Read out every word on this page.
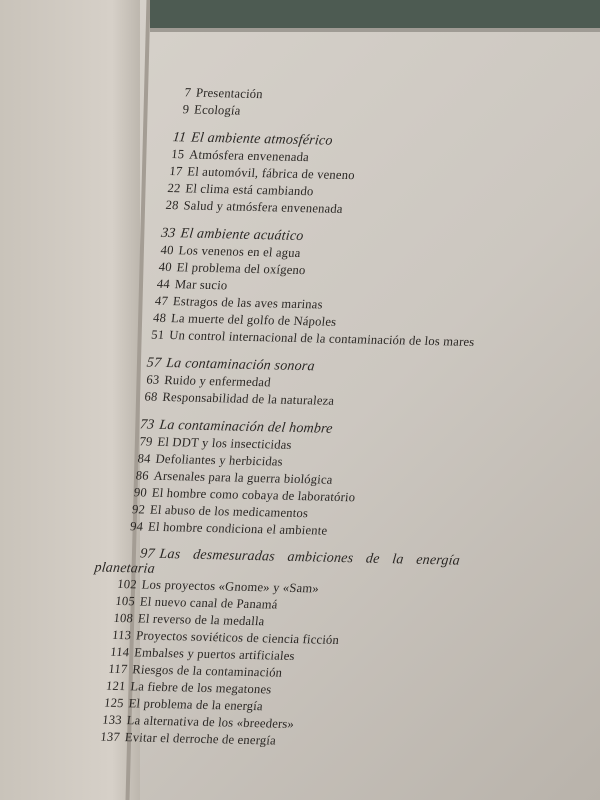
7 Presentación
9 Ecología
11 El ambiente atmosférico
15 Atmósfera envenenada
17 El automóvil, fábrica de veneno
22 El clima está cambiando
28 Salud y atmósfera envenenada
33 El ambiente acuático
40 Los venenos en el agua
40 El problema del oxígeno
44 Mar sucio
47 Estragos de las aves marinas
48 La muerte del golfo de Nápoles
51 Un control internacional de la contaminación de los mares
57 La contaminación sonora
63 Ruido y enfermedad
68 Responsabilidad de la naturaleza
73 La contaminación del hombre
79 El DDT y los insecticidas
84 Defoliantes y herbicidas
86 Arsenales para la guerra biológica
90 El hombre como cobaya de laboratório
92 El abuso de los medicamentos
94 El hombre condiciona el ambiente
97 Las desmesuradas ambiciones de la energía planetaria
102 Los proyectos «Gnome» y «Sam»
105 El nuevo canal de Panamá
108 El reverso de la medalla
113 Proyectos soviéticos de ciencia ficción
114 Embalses y puertos artificiales
117 Riesgos de la contaminación
121 La fiebre de los megatones
125 El problema de la energía
133 La alternativa de los «breeders»
137 Evitar el derroche de energía
